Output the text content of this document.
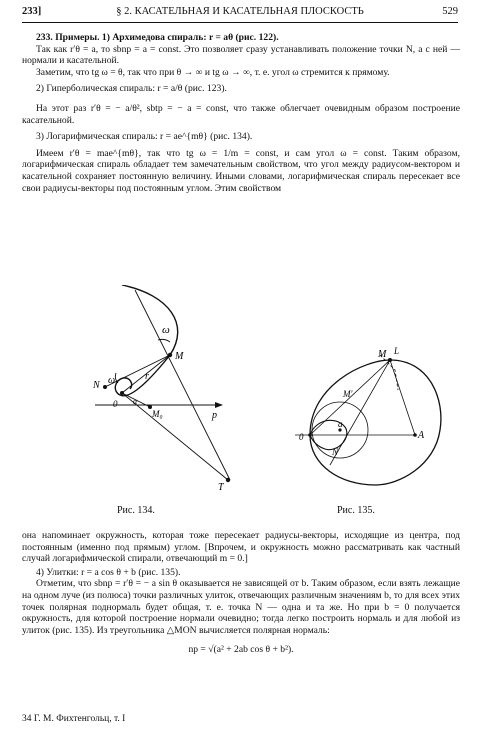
233]	§ 2. КАСАТЕЛЬНАЯ И КАСАТЕЛЬНАЯ ПЛОСКОСТЬ	529

233. Примеры. 1) Архимедова спираль: r = aθ (рис. 122).

Так как r′θ = a, то sbnp = a = const. Это позволяет сразу устанавливать положение точки N, а с ней — нормали и касательной.

Заметим, что tg ω = θ, так что при θ → ∞ и tg ω → ∞, т. е. угол ω стремится к прямому.

2) Гиперболическая спираль: r = a/θ (рис. 123).

На этот раз r′θ = − a/θ², sbtp = − a = const, что также облегчает очевидным образом построение касательной.

3) Логарифмическая спираль: r = ae^{mθ} (рис. 134).

Имеем r′θ = mae^{mθ}, так что tg ω = 1/m = const, и сам угол ω = const. Таким образом, логарифмическая спираль обладает тем замечательным свойством, что угол между радиусом-вектором и касательной сохраняет постоянную величину. Иными словами, логарифмическая спираль пересекает все свои радиусы-векторы под постоянным углом. Этим свойством

ω
M
N ω	r
0 α
M₀	p
T
Рис. 134.
M L
M′
0
a
A
N
Рис. 135.

она напоминает окружность, которая тоже пересекает радиусы-векторы, исходящие из центра, под постоянным (именно под прямым) углом. [Впрочем, и окружность можно рассматривать как частный случай логарифмической спирали, отвечающий m = 0.]

4) Улитки: r = a cos θ + b (рис. 135).

Отметим, что sbnp = r′θ = − a sin θ оказывается не зависящей от b. Таким образом, если взять лежащие на одном луче (из полюса) точки различных улиток, отвечающих различным значениям b, то для всех этих точек полярная поднормаль будет общая, т. е. точка N — одна и та же. Но при b = 0 получается окружность, для которой построение нормали очевидно; тогда легко построить нормаль и для любой из улиток (рис. 135). Из треугольника △MON вычисляется полярная нормаль:

np = √(a² + 2ab cos θ + b²).

34 Г. М. Фихтенгольц, т. I
